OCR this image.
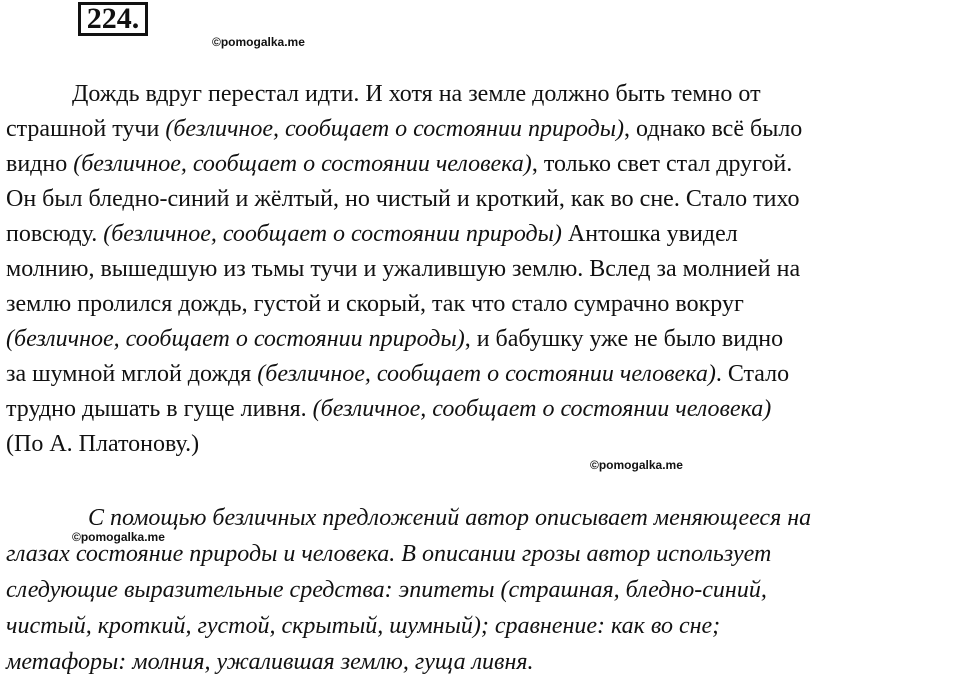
224.
©pomogalka.me
Дождь вдруг перестал идти. И хотя на земле должно быть темно от
страшной тучи (безличное, сообщает о состоянии природы), однако всё было
видно (безличное, сообщает о состоянии человека), только свет стал другой.
Он был бледно-синий и жёлтый, но чистый и кроткий, как во сне. Стало тихо
повсюду. (безличное, сообщает о состоянии природы) Антошка увидел
молнию, вышедшую из тьмы тучи и ужалившую землю. Вслед за молнией на
землю пролился дождь, густой и скорый, так что стало сумрачно вокруг
(безличное, сообщает о состоянии природы), и бабушку уже не было видно
за шумной мглой дождя (безличное, сообщает о состоянии человека). Стало
трудно дышать в гуще ливня. (безличное, сообщает о состоянии человека)
(По А. Платонову.)
©pomogalka.me
©pomogalka.me
С помощью безличных предложений автор описывает меняющееся на
глазах состояние природы и человека. В описании грозы автор использует
следующие выразительные средства: эпитеты (страшная, бледно-синий,
чистый, кроткий, густой, скрытый, шумный); сравнение: как во сне;
метафоры: молния, ужалившая землю, гуща ливня.
